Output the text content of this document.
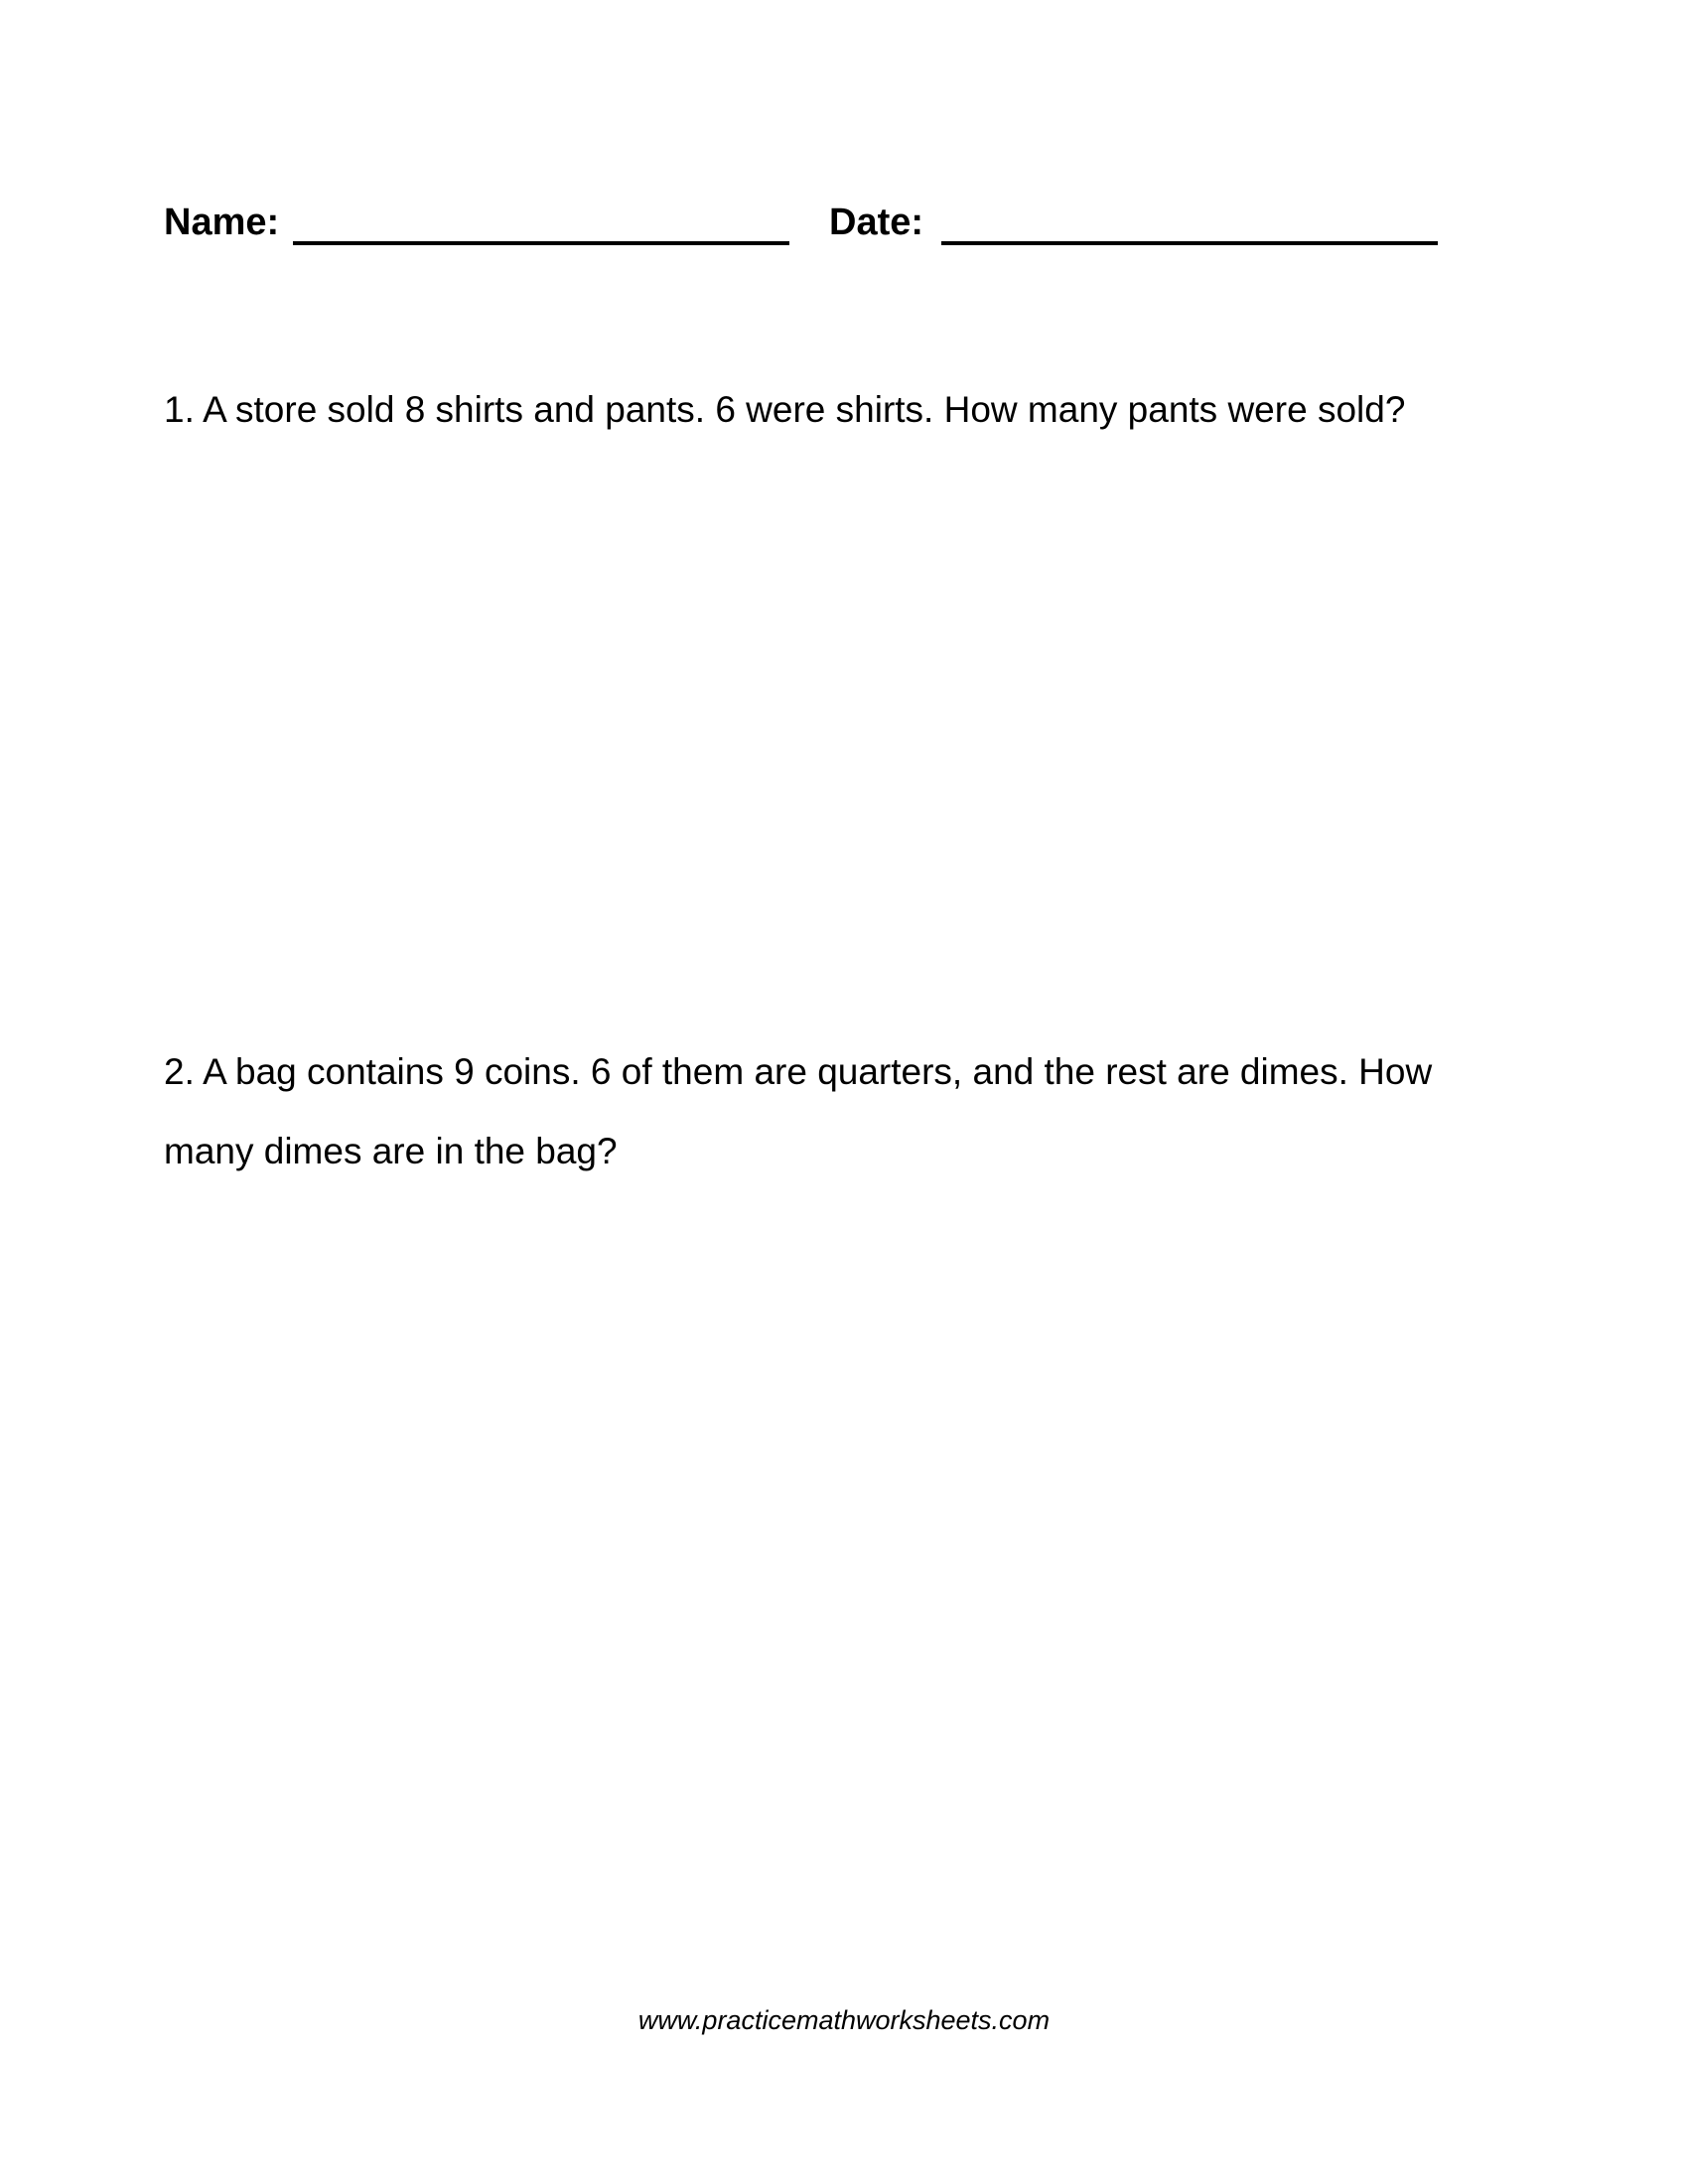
Name:	Date:
1. A store sold 8 shirts and pants. 6 were shirts. How many pants were sold?
2. A bag contains 9 coins. 6 of them are quarters, and the rest are dimes. How
many dimes are in the bag?
www.practicemathworksheets.com
